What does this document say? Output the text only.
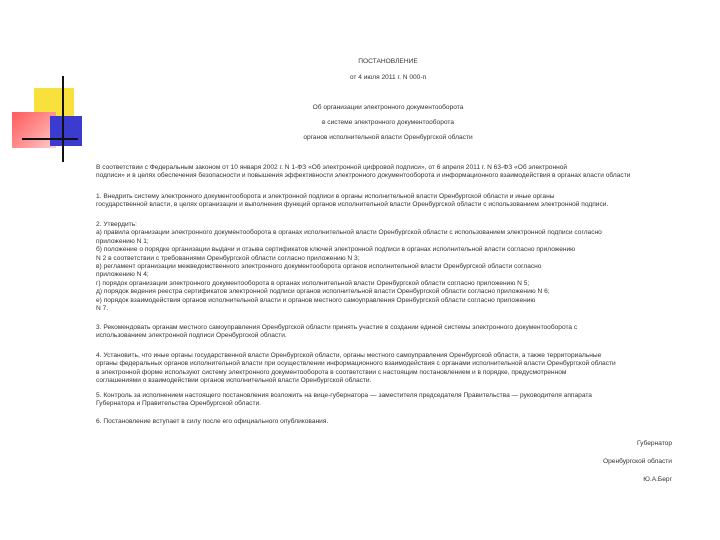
ПОСТАНОВЛЕНИЕ
от 4 июля 2011 г. N 000-п
Об организации электронного документооборота
в системе электронного документооборота
органов исполнительной власти Оренбургской области
В соответствии с Федеральным законом от 10 января 2002 г. N 1-ФЗ «Об электронной цифровой подписи», от 6 апреля 2011 г. N 63-ФЗ «Об электронной
подписи» и в целях обеспечения безопасности и повышения эффективности электронного документооборота и информационного взаимодействия в органах власти области
1. Внедрить систему электронного документооборота и электронной подписи в органы исполнительной власти Оренбургской области и иные органы
государственной власти, в целях организации и выполнения функций органов исполнительной власти Оренбургской области с использованием электронной подписи.
2. Утвердить:
а) правила организации электронного документооборота в органах исполнительной власти Оренбургской области с использованием электронной подписи согласно
приложению N 1;
б) положение о порядке организации выдачи и отзыва сертификатов ключей электронной подписи в органах исполнительной власти согласно приложению
N 2 в соответствии с требованиями Оренбургской области согласно приложению N 3;
в) регламент организации межведомственного электронного документооборота органов исполнительной власти Оренбургской области согласно
приложению N 4;
г) порядок организации электронного документооборота в органах исполнительной власти Оренбургской области согласно приложению N 5;
д) порядок ведения реестра сертификатов электронной подписи органов исполнительной власти Оренбургской области согласно приложению N 6;
е) порядок взаимодействия органов исполнительной власти и органов местного самоуправления Оренбургской области согласно приложению
N 7.
3. Рекомендовать органам местного самоуправления Оренбургской области принять участие в создании единой системы электронного документооборота с
использованием электронной подписи Оренбургской области.
4. Установить, что иные органы государственной власти Оренбургской области, органы местного самоуправления Оренбургской области, а также территориальные
органы федеральных органов исполнительной власти при осуществлении информационного взаимодействия с органами исполнительной власти Оренбургской области
в электронной форме используют систему электронного документооборота в соответствии с настоящим постановлением и в порядке, предусмотренном
соглашениями о взаимодействии органов исполнительной власти Оренбургской области.
5. Контроль за исполнением настоящего постановления возложить на вице-губернатора — заместителя председателя Правительства — руководителя аппарата
Губернатора и Правительства Оренбургской области.
6. Постановление вступает в силу после его официального опубликования.
Губернатор
Оренбургской области
Ю.А.Берг
